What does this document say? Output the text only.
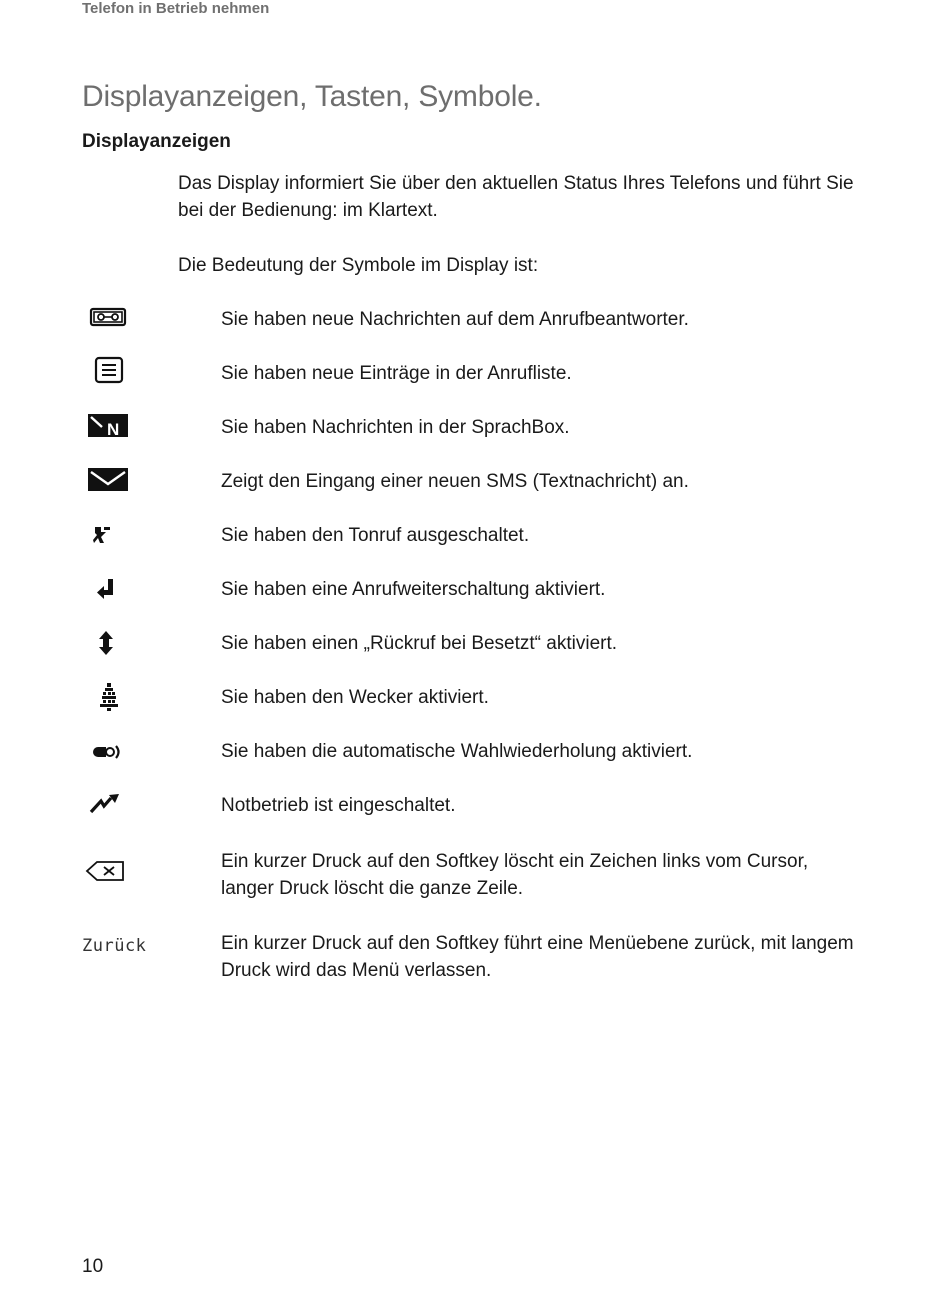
Telefon in Betrieb nehmen
Displayanzeigen, Tasten, Symbole.
Displayanzeigen

Das Display informiert Sie über den aktuellen Status Ihres Telefons und führt Sie bei der Bedienung: im Klartext.

Die Bedeutung der Symbole im Display ist:

Sie haben neue Nachrichten auf dem Anrufbeantworter.

Sie haben neue Einträge in der Anrufliste.

N	Sie haben Nachrichten in der SprachBox.

Zeigt den Eingang einer neuen SMS (Textnachricht) an.

Sie haben den Tonruf ausgeschaltet.

Sie haben eine Anrufweiterschaltung aktiviert.

Sie haben einen „Rückruf bei Besetzt“ aktiviert.

Sie haben den Wecker aktiviert.

Sie haben die automatische Wahlwiederholung aktiviert.

Notbetrieb ist eingeschaltet.

Ein kurzer Druck auf den Softkey löscht ein Zeichen links vom Cursor, langer Druck löscht die ganze Zeile.

Zurück	Ein kurzer Druck auf den Softkey führt eine Menüebene zurück, mit langem Druck wird das Menü verlassen.

10
